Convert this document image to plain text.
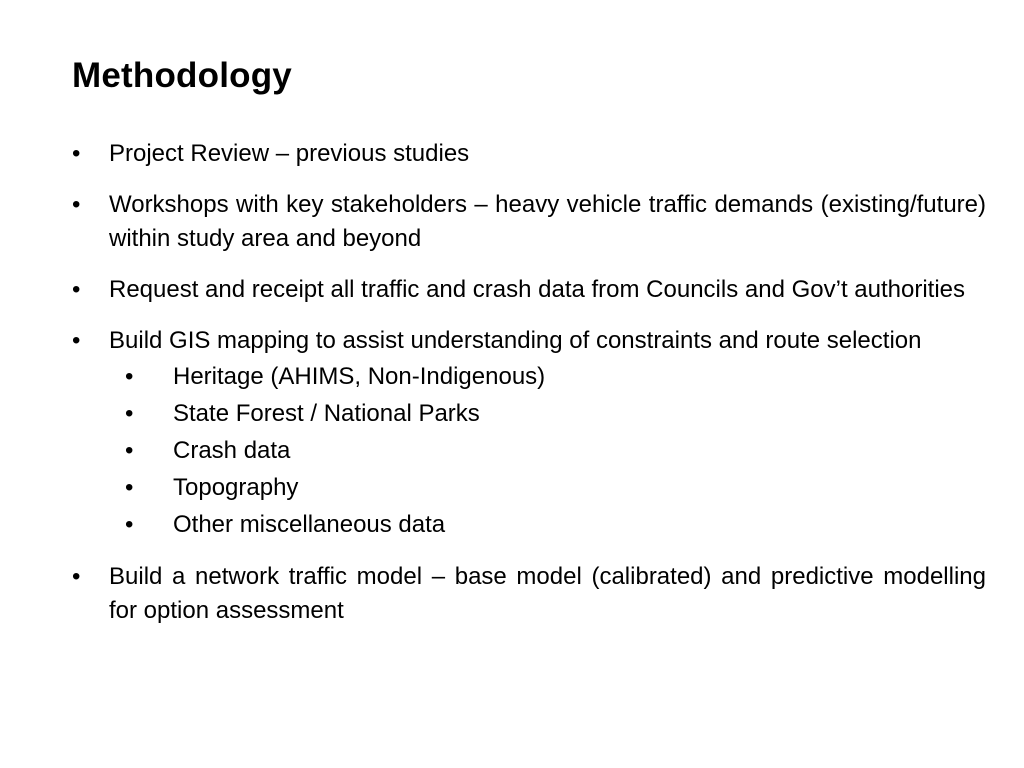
Methodology
• Project Review – previous studies
• Workshops with key stakeholders – heavy vehicle traffic demands (existing/future) within study area and beyond
• Request and receipt all traffic and crash data from Councils and Gov’t authorities
• Build GIS mapping to assist understanding of constraints and route selection
• Heritage (AHIMS, Non-Indigenous)
• State Forest / National Parks
• Crash data
• Topography
• Other miscellaneous data
• Build a network traffic model – base model (calibrated) and predictive modelling for option assessment
